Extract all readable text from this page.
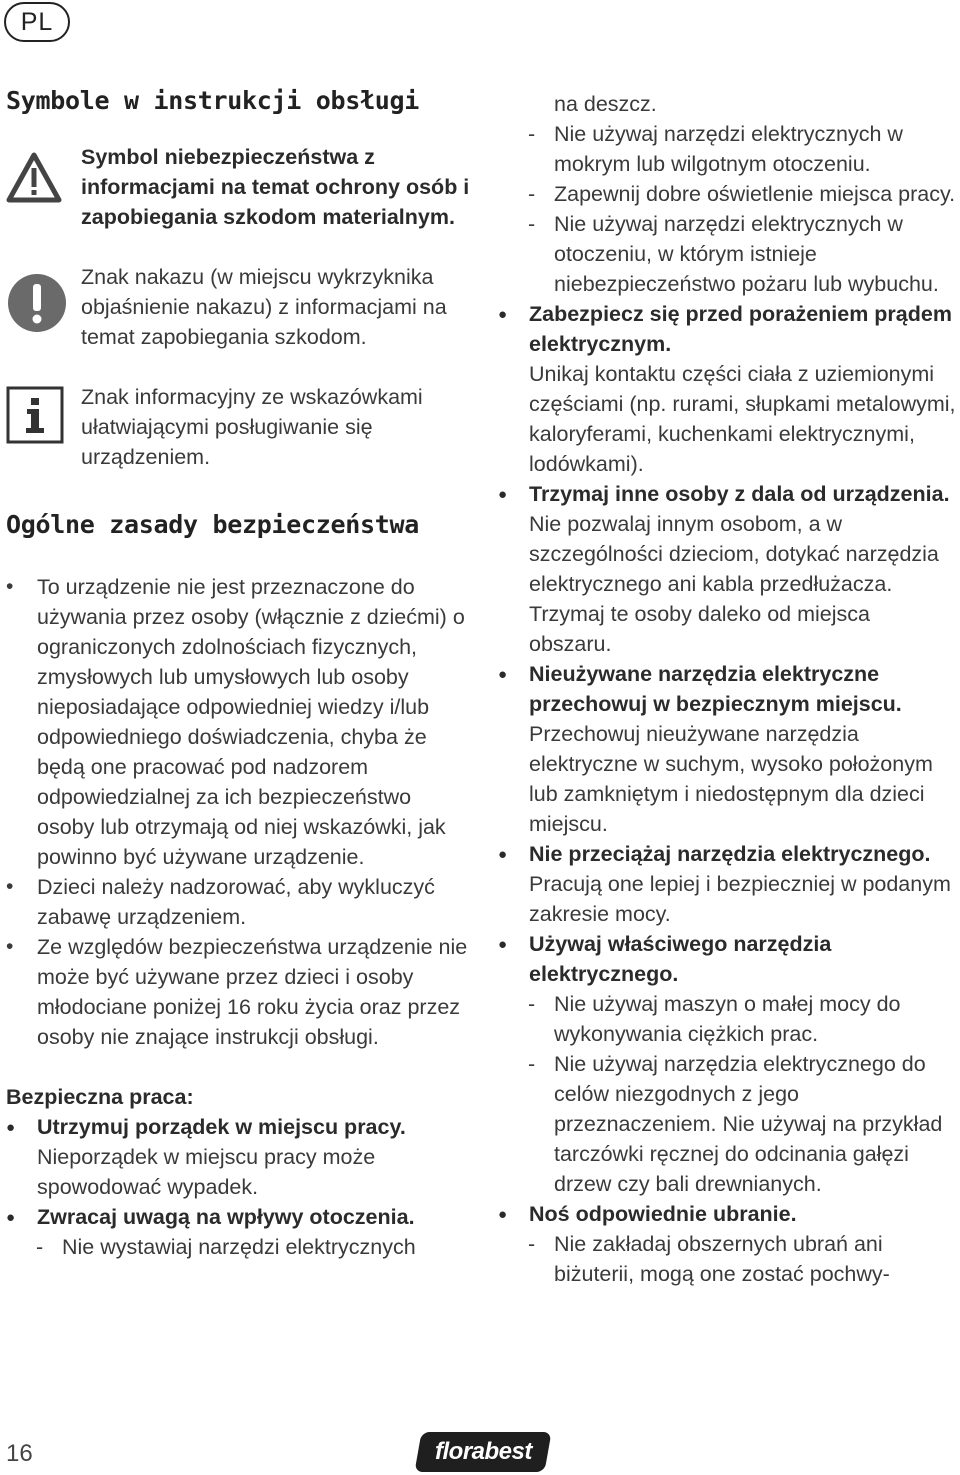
PL
Symbole w instrukcji obsługi
Symbol niebezpieczeństwa z informacjami na temat ochrony osób i zapobiegania szkodom materialnym.
Znak nakazu (w miejscu wykrzyknika objaśnienie nakazu) z informacjami na temat zapobiegania szkodom.
Znak informacyjny ze wskazówkami ułatwiającymi posługiwanie się urządzeniem.
Ogólne zasady bezpieczeństwa
• To urządzenie nie jest przeznaczone do używania przez osoby (włącznie z dziećmi) o ograniczonych zdolnościach fizycznych, zmysłowych lub umysłowych lub osoby nieposiadające odpowiedniej wiedzy i/lub odpowiedniego doświadczenia, chyba że będą one pracować pod nadzorem odpowiedzialnej za ich bezpieczeństwo osoby lub otrzymają od niej wskazówki, jak powinno być używane urządzenie.
• Dzieci należy nadzorować, aby wykluczyć zabawę urządzeniem.
• Ze względów bezpieczeństwa urządzenie nie może być używane przez dzieci i osoby młodociane poniżej 16 roku życia oraz przez osoby nie znające instrukcji obsługi.
Bezpieczna praca:
● Utrzymuj porządek w miejscu pracy.
Nieporządek w miejscu pracy może spowodować wypadek.
● Zwracaj uwagą na wpływy otoczenia.
- Nie wystawiaj narzędzi elektrycznych
na deszcz.
- Nie używaj narzędzi elektrycznych w mokrym lub wilgotnym otoczeniu.
- Zapewnij dobre oświetlenie miejsca pracy.
- Nie używaj narzędzi elektrycznych w otoczeniu, w którym istnieje niebezpieczeństwo pożaru lub wybuchu.
● Zabezpiecz się przed porażeniem prądem elektrycznym.
Unikaj kontaktu części ciała z uziemionymi częściami (np. rurami, słupkami metalowymi, kaloryferami, kuchenkami elektrycznymi, lodówkami).
● Trzymaj inne osoby z dala od urządzenia.
Nie pozwalaj innym osobom, a w szczególności dzieciom, dotykać narzędzia elektrycznego ani kabla przedłużacza. Trzymaj te osoby daleko od miejsca obszaru.
● Nieużywane narzędzia elektryczne przechowuj w bezpiecznym miejscu.
Przechowuj nieużywane narzędzia elektryczne w suchym, wysoko położonym lub zamkniętym i niedostępnym dla dzieci miejscu.
● Nie przeciążaj narzędzia elektrycznego.
Pracują one lepiej i bezpieczniej w podanym zakresie mocy.
● Używaj właściwego narzędzia elektrycznego.
- Nie używaj maszyn o małej mocy do wykonywania ciężkich prac.
- Nie używaj narzędzia elektrycznego do celów niezgodnych z jego przeznaczeniem. Nie używaj na przykład tarczówki ręcznej do odcinania gałęzi drzew czy bali drewnianych.
● Noś odpowiednie ubranie.
- Nie zakładaj obszernych ubrań ani biżuterii, mogą one zostać pochwy-
16	florabest
